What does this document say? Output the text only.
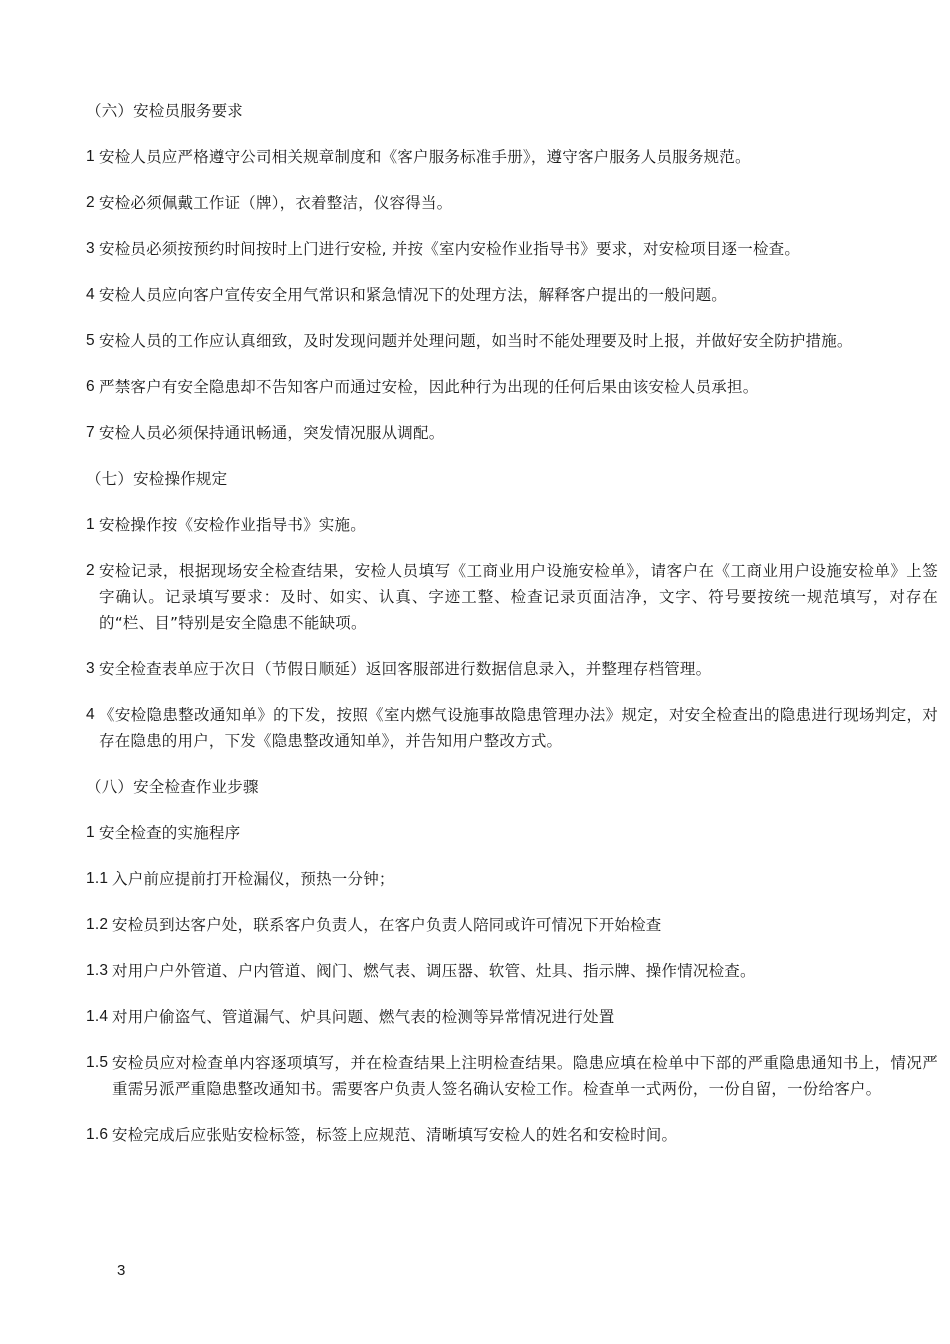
（六）安检员服务要求
1 安检人员应严格遵守公司相关规章制度和《客户服务标准手册》，遵守客户服务人员服务规范。
2 安检必须佩戴工作证（牌），衣着整洁，仪容得当。
3 安检员必须按预约时间按时上门进行安检, 并按《室内安检作业指导书》要求，对安检项目逐一检查。
4 安检人员应向客户宣传安全用气常识和紧急情况下的处理方法，解释客户提出的一般问题。
5 安检人员的工作应认真细致，及时发现问题并处理问题，如当时不能处理要及时上报，并做好安全防护措施。
6 严禁客户有安全隐患却不告知客户而通过安检，因此种行为出现的任何后果由该安检人员承担。
7 安检人员必须保持通讯畅通，突发情况服从调配。
（七）安检操作规定
1 安检操作按《安检作业指导书》实施。
2 安检记录，根据现场安全检查结果，安检人员填写《工商业用户设施安检单》，请客户在《工商业用户设施安检单》上签字确认。记录填写要求：及时、如实、认真、字迹工整、检查记录页面洁净，文字、符号要按统一规范填写，对存在的“栏、目”特别是安全隐患不能缺项。
3 安全检查表单应于次日（节假日顺延）返回客服部进行数据信息录入，并整理存档管理。
4 《安检隐患整改通知单》的下发，按照《室内燃气设施事故隐患管理办法》规定，对安全检查出的隐患进行现场判定，对存在隐患的用户，下发《隐患整改通知单》，并告知用户整改方式。
（八）安全检查作业步骤
1 安全检查的实施程序
1.1 入户前应提前打开检漏仪，预热一分钟；
1.2 安检员到达客户处，联系客户负责人，在客户负责人陪同或许可情况下开始检查
1.3 对用户户外管道、户内管道、阀门、燃气表、调压器、软管、灶具、指示牌、操作情况检查。
1.4 对用户偷盗气、管道漏气、炉具问题、燃气表的检测等异常情况进行处置
1.5 安检员应对检查单内容逐项填写，并在检查结果上注明检查结果。隐患应填在检单中下部的严重隐患通知书上，情况严重需另派严重隐患整改通知书。需要客户负责人签名确认安检工作。检查单一式两份，一份自留，一份给客户。
1.6 安检完成后应张贴安检标签，标签上应规范、清晰填写安检人的姓名和安检时间。
3
